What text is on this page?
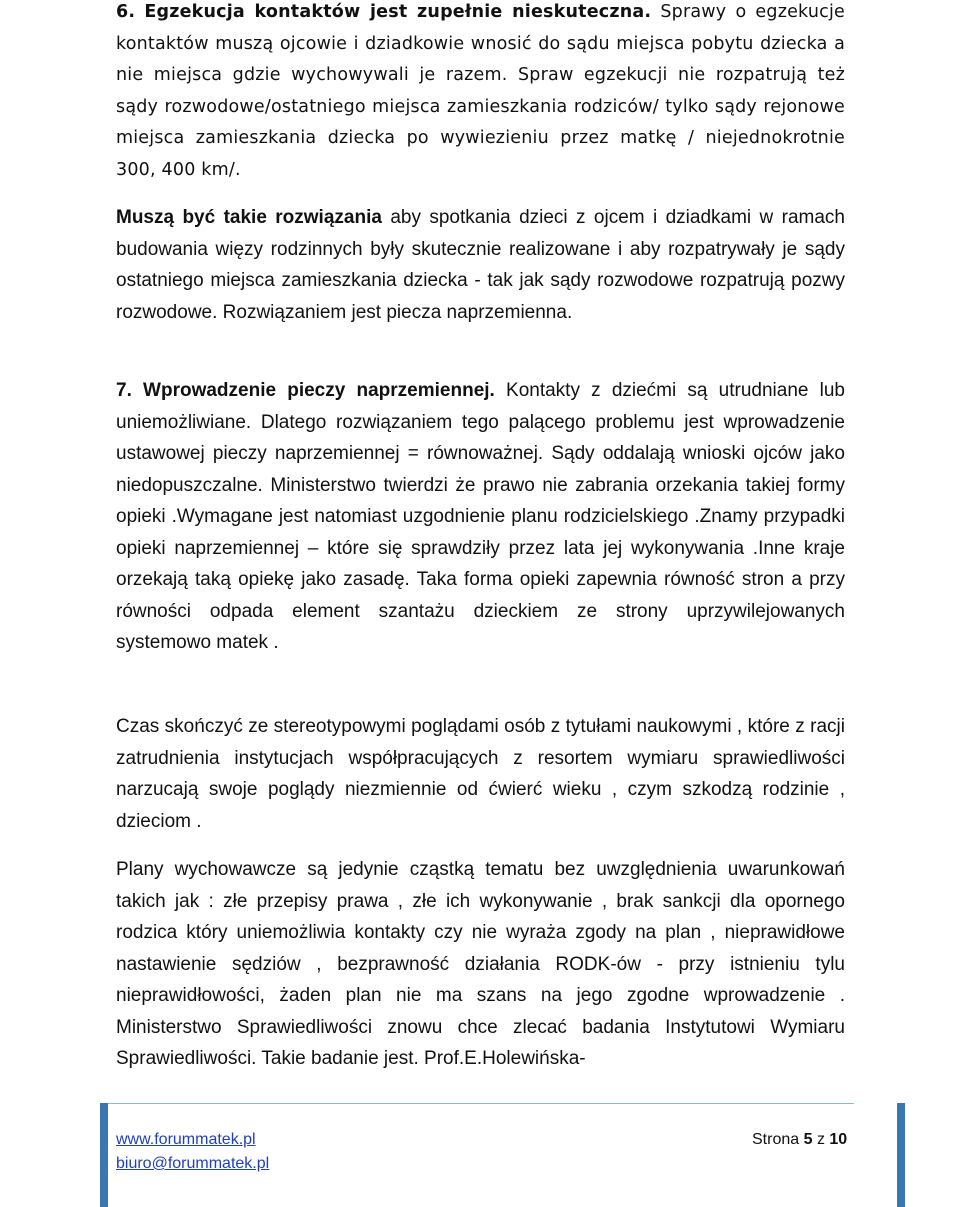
6. Egzekucja kontaktów jest zupełnie nieskuteczna. Sprawy o egzekucje kontaktów muszą ojcowie i dziadkowie wnosić do sądu miejsca pobytu dziecka a nie miejsca gdzie wychowywali je razem. Spraw egzekucji nie rozpatrują też sądy rozwodowe/ostatniego miejsca zamieszkania rodziców/ tylko sądy rejonowe miejsca zamieszkania dziecka po wywiezieniu przez matkę / niejednokrotnie 300, 400 km/.
Muszą być takie rozwiązania aby spotkania dzieci z ojcem i dziadkami w ramach budowania więzy rodzinnych były skutecznie realizowane i aby rozpatrywały je sądy ostatniego miejsca zamieszkania dziecka - tak jak sądy rozwodowe rozpatrują pozwy rozwodowe. Rozwiązaniem jest piecza naprzemienna.
7. Wprowadzenie pieczy naprzemiennej. Kontakty z dziećmi są utrudniane lub uniemożliwiane. Dlatego rozwiązaniem tego palącego problemu jest wprowadzenie ustawowej pieczy naprzemiennej = równoważnej. Sądy oddalają wnioski ojców jako niedopuszczalne. Ministerstwo twierdzi że prawo nie zabrania orzekania takiej formy opieki .Wymagane jest natomiast uzgodnienie planu rodzicielskiego .Znamy przypadki opieki naprzemiennej – które się sprawdziły przez lata jej wykonywania .Inne kraje orzekają taką opiekę jako zasadę. Taka forma opieki zapewnia równość stron a przy równości odpada element szantażu dzieckiem ze strony uprzywilejowanych systemowo matek .
Czas skończyć ze stereotypowymi poglądami osób z tytułami naukowymi , które z racji zatrudnienia instytucjach współpracujących z resortem wymiaru sprawiedliwości narzucają swoje poglądy niezmiennie od ćwierć wieku , czym szkodzą rodzinie , dzieciom .
Plany wychowawcze są jedynie cząstką tematu bez uwzględnienia uwarunkowań takich jak : złe przepisy prawa , złe ich wykonywanie , brak sankcji dla opornego rodzica który uniemożliwia kontakty czy nie wyraża zgody na plan , nieprawidłowe nastawienie sędziów , bezprawność działania RODK-ów - przy istnieniu tylu nieprawidłowości, żaden plan nie ma szans na jego zgodne wprowadzenie . Ministerstwo Sprawiedliwości znowu chce zlecać badania Instytutowi Wymiaru Sprawiedliwości. Takie badanie jest. Prof.E.Holewińska-
www.forummatek.pl
biuro@forummatek.pl
Strona 5 z 10
